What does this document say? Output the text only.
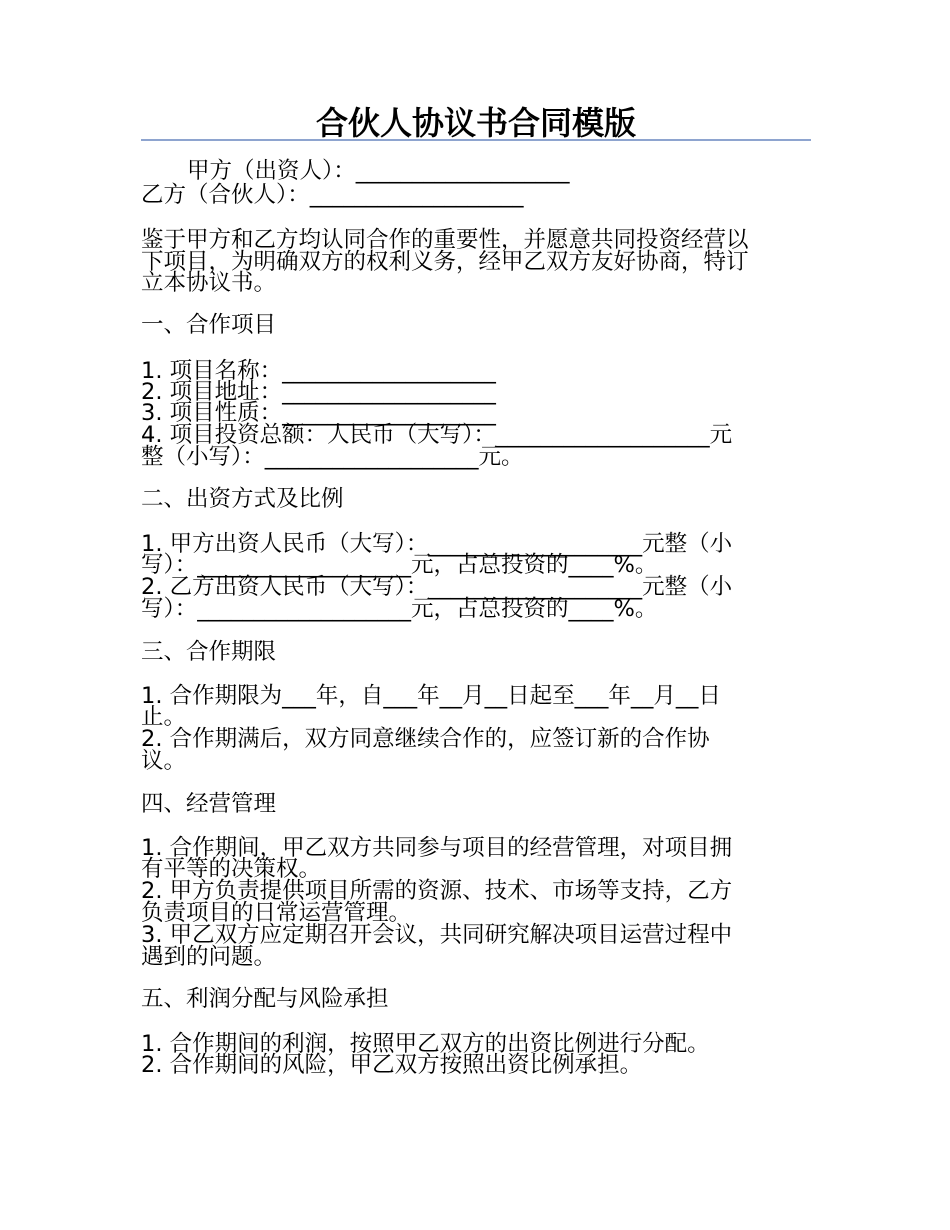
合伙人协议书合同模版
甲方（出资人）：___________________
乙方（合伙人）：___________________
鉴于甲方和乙方均认同合作的重要性，并愿意共同投资经营以
下项目，为明确双方的权利义务，经甲乙双方友好协商，特订
立本协议书。
一、合作项目
1. 项目名称：___________________
2. 项目地址：___________________
3. 项目性质：___________________
4. 项目投资总额：人民币（大写）：___________________元
整（小写）：___________________元。
二、出资方式及比例
1. 甲方出资人民币（大写）：___________________元整（小
写）：___________________元，占总投资的____%。
2. 乙方出资人民币（大写）：___________________元整（小
写）：___________________元，占总投资的____%。
三、合作期限
1. 合作期限为___年，自___年__月__日起至___年__月__日
止。
2. 合作期满后，双方同意继续合作的，应签订新的合作协
议。
四、经营管理
1. 合作期间，甲乙双方共同参与项目的经营管理，对项目拥
有平等的决策权。
2. 甲方负责提供项目所需的资源、技术、市场等支持，乙方
负责项目的日常运营管理。
3. 甲乙双方应定期召开会议，共同研究解决项目运营过程中
遇到的问题。
五、利润分配与风险承担
1. 合作期间的利润，按照甲乙双方的出资比例进行分配。
2. 合作期间的风险，甲乙双方按照出资比例承担。
